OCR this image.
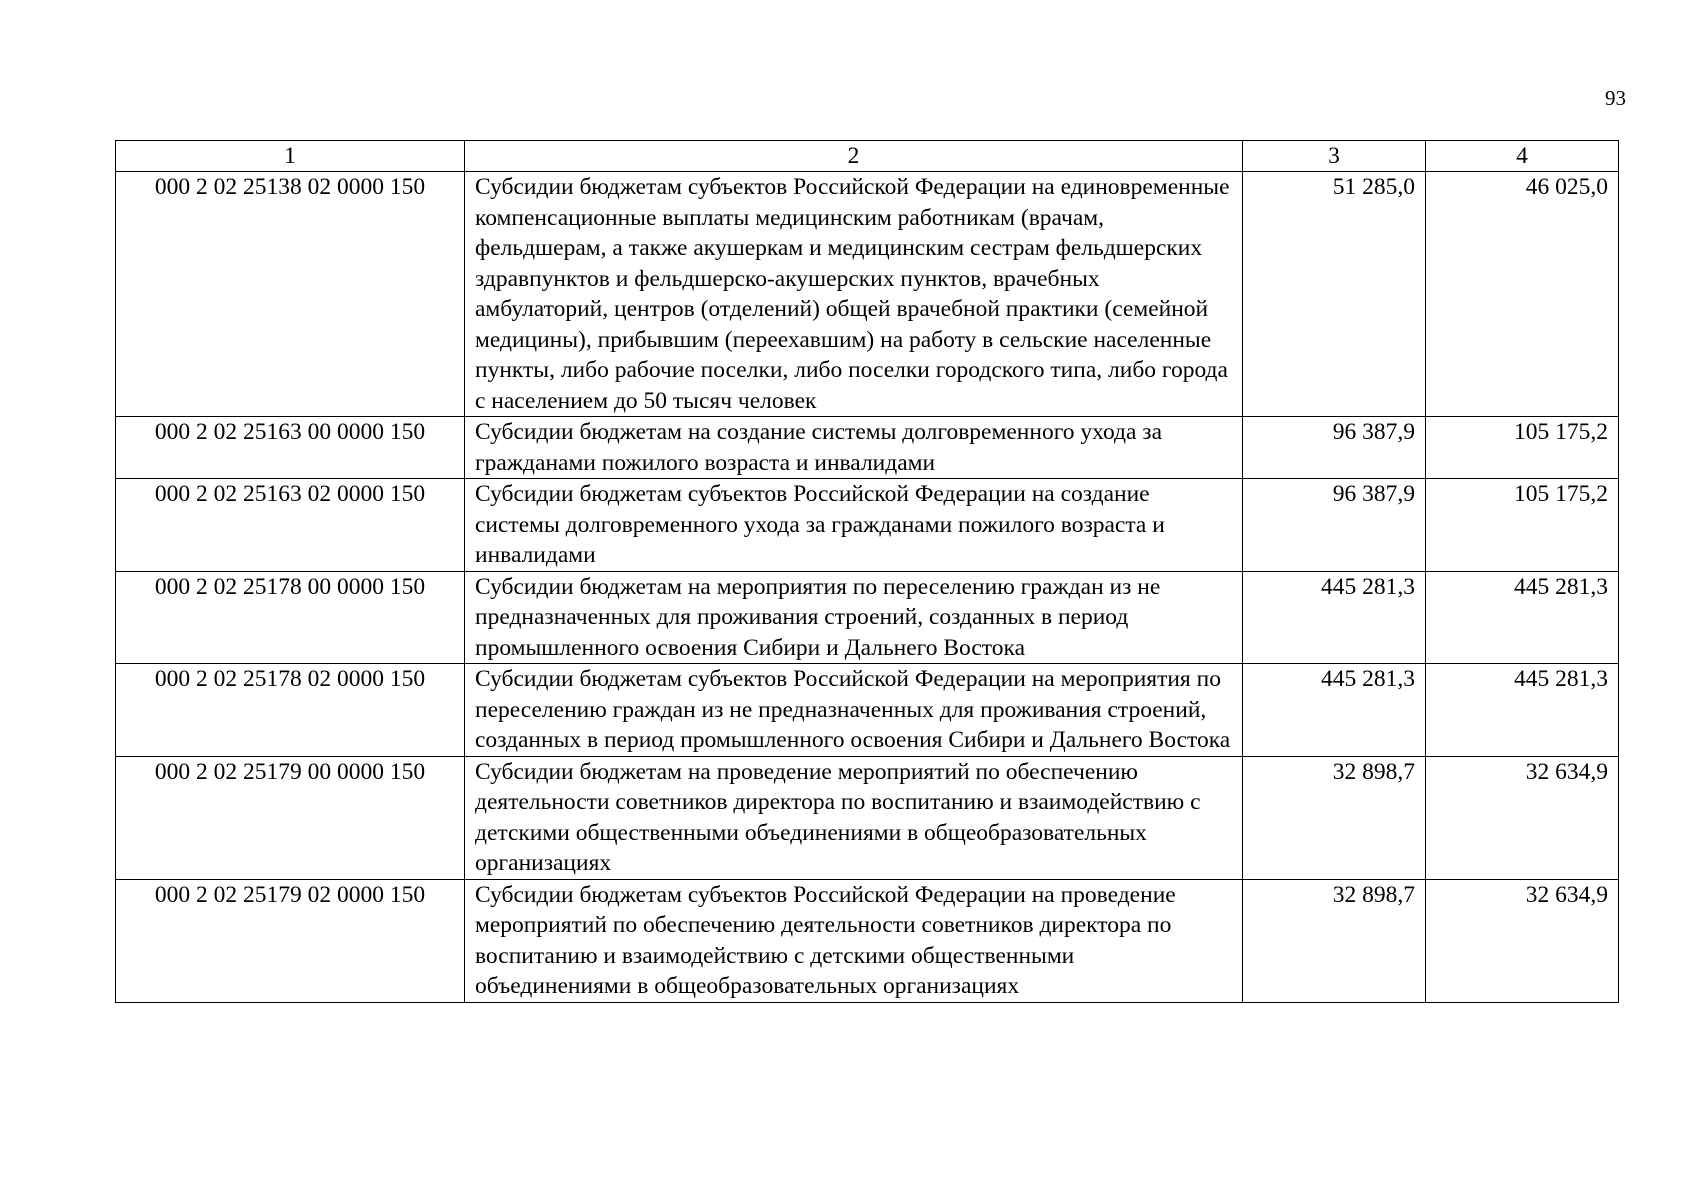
93
1	2	3	4
000 2 02 25138 02 0000 150	Субсидии бюджетам субъектов Российской Федерации на единовременные компенсационные выплаты медицинским работникам (врачам, фельдшерам, а также акушеркам и медицинским сестрам фельдшерских здравпунктов и фельдшерско-акушерских пунктов, врачебных амбулаторий, центров (отделений) общей врачебной практики (семейной медицины), прибывшим (переехавшим) на работу в сельские населенные пункты, либо рабочие поселки, либо поселки городского типа, либо города с населением до 50 тысяч человек	51 285,0	46 025,0
000 2 02 25163 00 0000 150	Субсидии бюджетам на создание системы долговременного ухода за гражданами пожилого возраста и инвалидами	96 387,9	105 175,2
000 2 02 25163 02 0000 150	Субсидии бюджетам субъектов Российской Федерации на создание системы долговременного ухода за гражданами пожилого возраста и инвалидами	96 387,9	105 175,2
000 2 02 25178 00 0000 150	Субсидии бюджетам на мероприятия по переселению граждан из не предназначенных для проживания строений, созданных в период промышленного освоения Сибири и Дальнего Востока	445 281,3	445 281,3
000 2 02 25178 02 0000 150	Субсидии бюджетам субъектов Российской Федерации на мероприятия по переселению граждан из не предназначенных для проживания строений, созданных в период промышленного освоения Сибири и Дальнего Востока	445 281,3	445 281,3
000 2 02 25179 00 0000 150	Субсидии бюджетам на проведение мероприятий по обеспечению деятельности советников директора по воспитанию и взаимодействию с детскими общественными объединениями в общеобразовательных организациях	32 898,7	32 634,9
000 2 02 25179 02 0000 150	Субсидии бюджетам субъектов Российской Федерации на проведение мероприятий по обеспечению деятельности советников директора по воспитанию и взаимодействию с детскими общественными объединениями в общеобразовательных организациях	32 898,7	32 634,9
